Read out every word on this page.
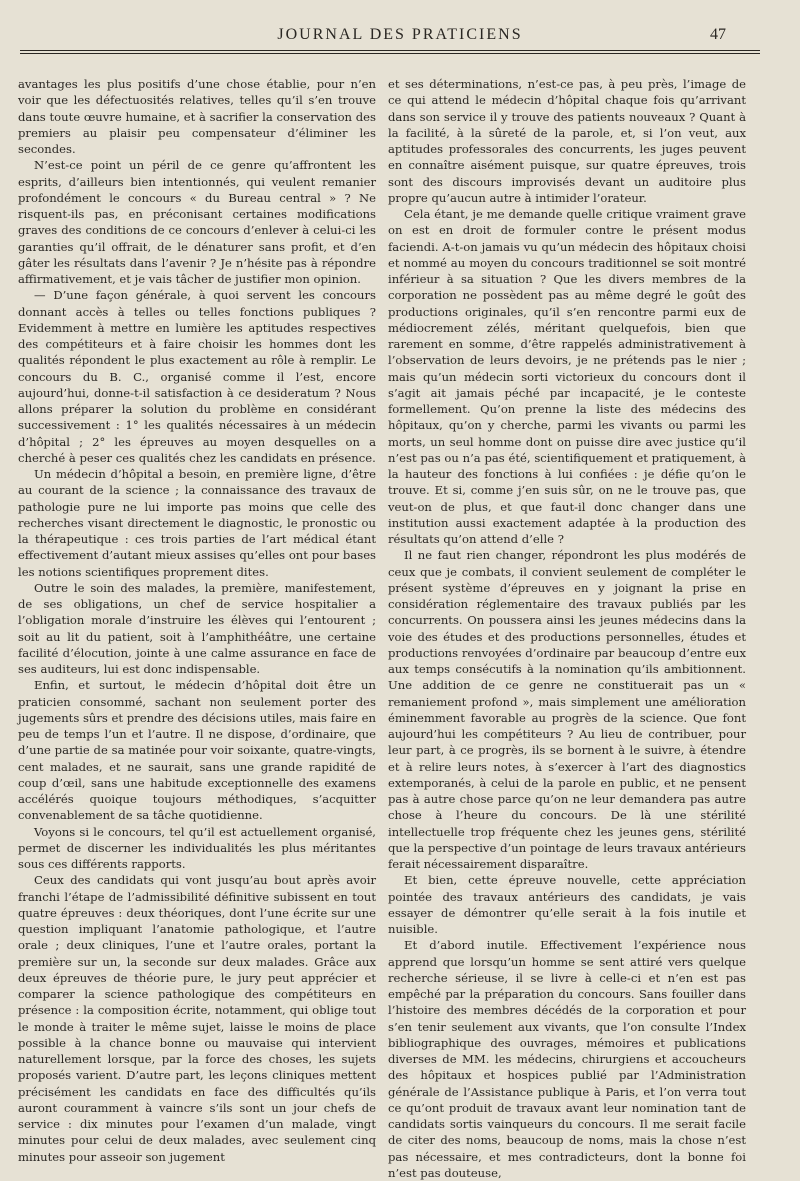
JOURNAL DES PRATICIENS	47

avantages les plus positifs d’une chose établie, pour n’en voir que les défectuosités relatives, telles qu’il s’en trouve dans toute œuvre humaine, et à sacrifier la conservation des premiers au plaisir peu compensateur d’éliminer les secondes.

N’est-ce point un péril de ce genre qu’affrontent les esprits, d’ailleurs bien intentionnés, qui veulent remanier profondément le concours « du Bureau central » ? Ne risquent-ils pas, en préconisant certaines modifications graves des conditions de ce concours d’enlever à celui-ci les garanties qu’il offrait, de le dénaturer sans profit, et d’en gâter les résultats dans l’avenir ? Je n’hésite pas à répondre affirmativement, et je vais tâcher de justifier mon opinion.

— D’une façon générale, à quoi servent les concours donnant accès à telles ou telles fonctions publiques ? Evidemment à mettre en lumière les aptitudes respectives des compétiteurs et à faire choisir les hommes dont les qualités répondent le plus exactement au rôle à remplir. Le concours du B. C., organisé comme il l’est, encore aujourd’hui, donne-t-il satisfaction à ce desideratum ? Nous allons préparer la solution du problème en considérant successivement : 1° les qualités nécessaires à un médecin d’hôpital ; 2° les épreuves au moyen desquelles on a cherché à peser ces qualités chez les candidats en présence.

Un médecin d’hôpital a besoin, en première ligne, d’être au courant de la science ; la connaissance des travaux de pathologie pure ne lui importe pas moins que celle des recherches visant directement le diagnostic, le pronostic ou la thérapeutique : ces trois parties de l’art médical étant effectivement d’autant mieux assises qu’elles ont pour bases les notions scientifiques proprement dites.

Outre le soin des malades, la première, manifestement, de ses obligations, un chef de service hospitalier a l’obligation morale d’instruire les élèves qui l’entourent ; soit au lit du patient, soit à l’amphithéâtre, une certaine facilité d’élocution, jointe à une calme assurance en face de ses auditeurs, lui est donc indispensable.

Enfin, et surtout, le médecin d’hôpital doit être un praticien consommé, sachant non seulement porter des jugements sûrs et prendre des décisions utiles, mais faire en peu de temps l’un et l’autre. Il ne dispose, d’ordinaire, que d’une partie de sa matinée pour voir soixante, quatre-vingts, cent malades, et ne saurait, sans une grande rapidité de coup d’œil, sans une habitude exceptionnelle des examens accélérés quoique toujours méthodiques, s’acquitter convenablement de sa tâche quotidienne.

Voyons si le concours, tel qu’il est actuellement organisé, permet de discerner les individualités les plus méritantes sous ces différents rapports.

Ceux des candidats qui vont jusqu’au bout après avoir franchi l’étape de l’admissibilité définitive subissent en tout quatre épreuves : deux théoriques, dont l’une écrite sur une question impliquant l’anatomie pathologique, et l’autre orale ; deux cliniques, l’une et l’autre orales, portant la première sur un, la seconde sur deux malades. Grâce aux deux épreuves de théorie pure, le jury peut apprécier et comparer la science pathologique des compétiteurs en présence : la composition écrite, notamment, qui oblige tout le monde à traiter le même sujet, laisse le moins de place possible à la chance bonne ou mauvaise qui intervient naturellement lorsque, par la force des choses, les sujets proposés varient. D’autre part, les leçons cliniques mettent précisément les candidats en face des difficultés qu’ils auront couramment à vaincre s’ils sont un jour chefs de service : dix minutes pour l’examen d’un malade, vingt minutes pour celui de deux malades, avec seulement cinq minutes pour asseoir son jugement

et ses déterminations, n’est-ce pas, à peu près, l’image de ce qui attend le médecin d’hôpital chaque fois qu’arrivant dans son service il y trouve des patients nouveaux ? Quant à la facilité, à la sûreté de la parole, et, si l’on veut, aux aptitudes professorales des concurrents, les juges peuvent en connaître aisément puisque, sur quatre épreuves, trois sont des discours improvisés devant un auditoire plus propre qu’aucun autre à intimider l’orateur.

Cela étant, je me demande quelle critique vraiment grave on est en droit de formuler contre le présent modus faciendi. A-t-on jamais vu qu’un médecin des hôpitaux choisi et nommé au moyen du concours traditionnel se soit montré inférieur à sa situation ? Que les divers membres de la corporation ne possèdent pas au même degré le goût des productions originales, qu’il s’en rencontre parmi eux de médiocrement zélés, méritant quelquefois, bien que rarement en somme, d’être rappelés administrativement à l’observation de leurs devoirs, je ne prétends pas le nier ; mais qu’un médecin sorti victorieux du concours dont il s’agit ait jamais péché par incapacité, je le conteste formellement. Qu’on prenne la liste des médecins des hôpitaux, qu’on y cherche, parmi les vivants ou parmi les morts, un seul homme dont on puisse dire avec justice qu’il n’est pas ou n’a pas été, scientifiquement et pratiquement, à la hauteur des fonctions à lui confiées : je défie qu’on le trouve. Et si, comme j’en suis sûr, on ne le trouve pas, que veut-on de plus, et que faut-il donc changer dans une institution aussi exactement adaptée à la production des résultats qu’on attend d’elle ?

Il ne faut rien changer, répondront les plus modérés de ceux que je combats, il convient seulement de compléter le présent système d’épreuves en y joignant la prise en considération réglementaire des travaux publiés par les concurrents. On poussera ainsi les jeunes médecins dans la voie des études et des productions personnelles, études et productions renvoyées d’ordinaire par beaucoup d’entre eux aux temps consécutifs à la nomination qu’ils ambitionnent. Une addition de ce genre ne constituerait pas un « remaniement profond », mais simplement une amélioration éminemment favorable au progrès de la science. Que font aujourd’hui les compétiteurs ? Au lieu de contribuer, pour leur part, à ce progrès, ils se bornent à le suivre, à étendre et à relire leurs notes, à s’exercer à l’art des diagnostics extemporanés, à celui de la parole en public, et ne pensent pas à autre chose parce qu’on ne leur demandera pas autre chose à l’heure du concours. De là une stérilité intellectuelle trop fréquente chez les jeunes gens, stérilité que la perspective d’un pointage de leurs travaux antérieurs ferait nécessairement disparaître.

Et bien, cette épreuve nouvelle, cette appréciation pointée des travaux antérieurs des candidats, je vais essayer de démontrer qu’elle serait à la fois inutile et nuisible.

Et d’abord inutile. Effectivement l’expérience nous apprend que lorsqu’un homme se sent attiré vers quelque recherche sérieuse, il se livre à celle-ci et n’en est pas empêché par la préparation du concours. Sans fouiller dans l’histoire des membres décédés de la corporation et pour s’en tenir seulement aux vivants, que l’on consulte l’Index bibliographique des ouvrages, mémoires et publications diverses de MM. les médecins, chirurgiens et accoucheurs des hôpitaux et hospices publié par l’Administration générale de l’Assistance publique à Paris, et l’on verra tout ce qu’ont produit de travaux avant leur nomination tant de candidats sortis vainqueurs du concours. Il me serait facile de citer des noms, beaucoup de noms, mais la chose n’est pas nécessaire, et mes contradicteurs, dont la bonne foi n’est pas douteuse,
